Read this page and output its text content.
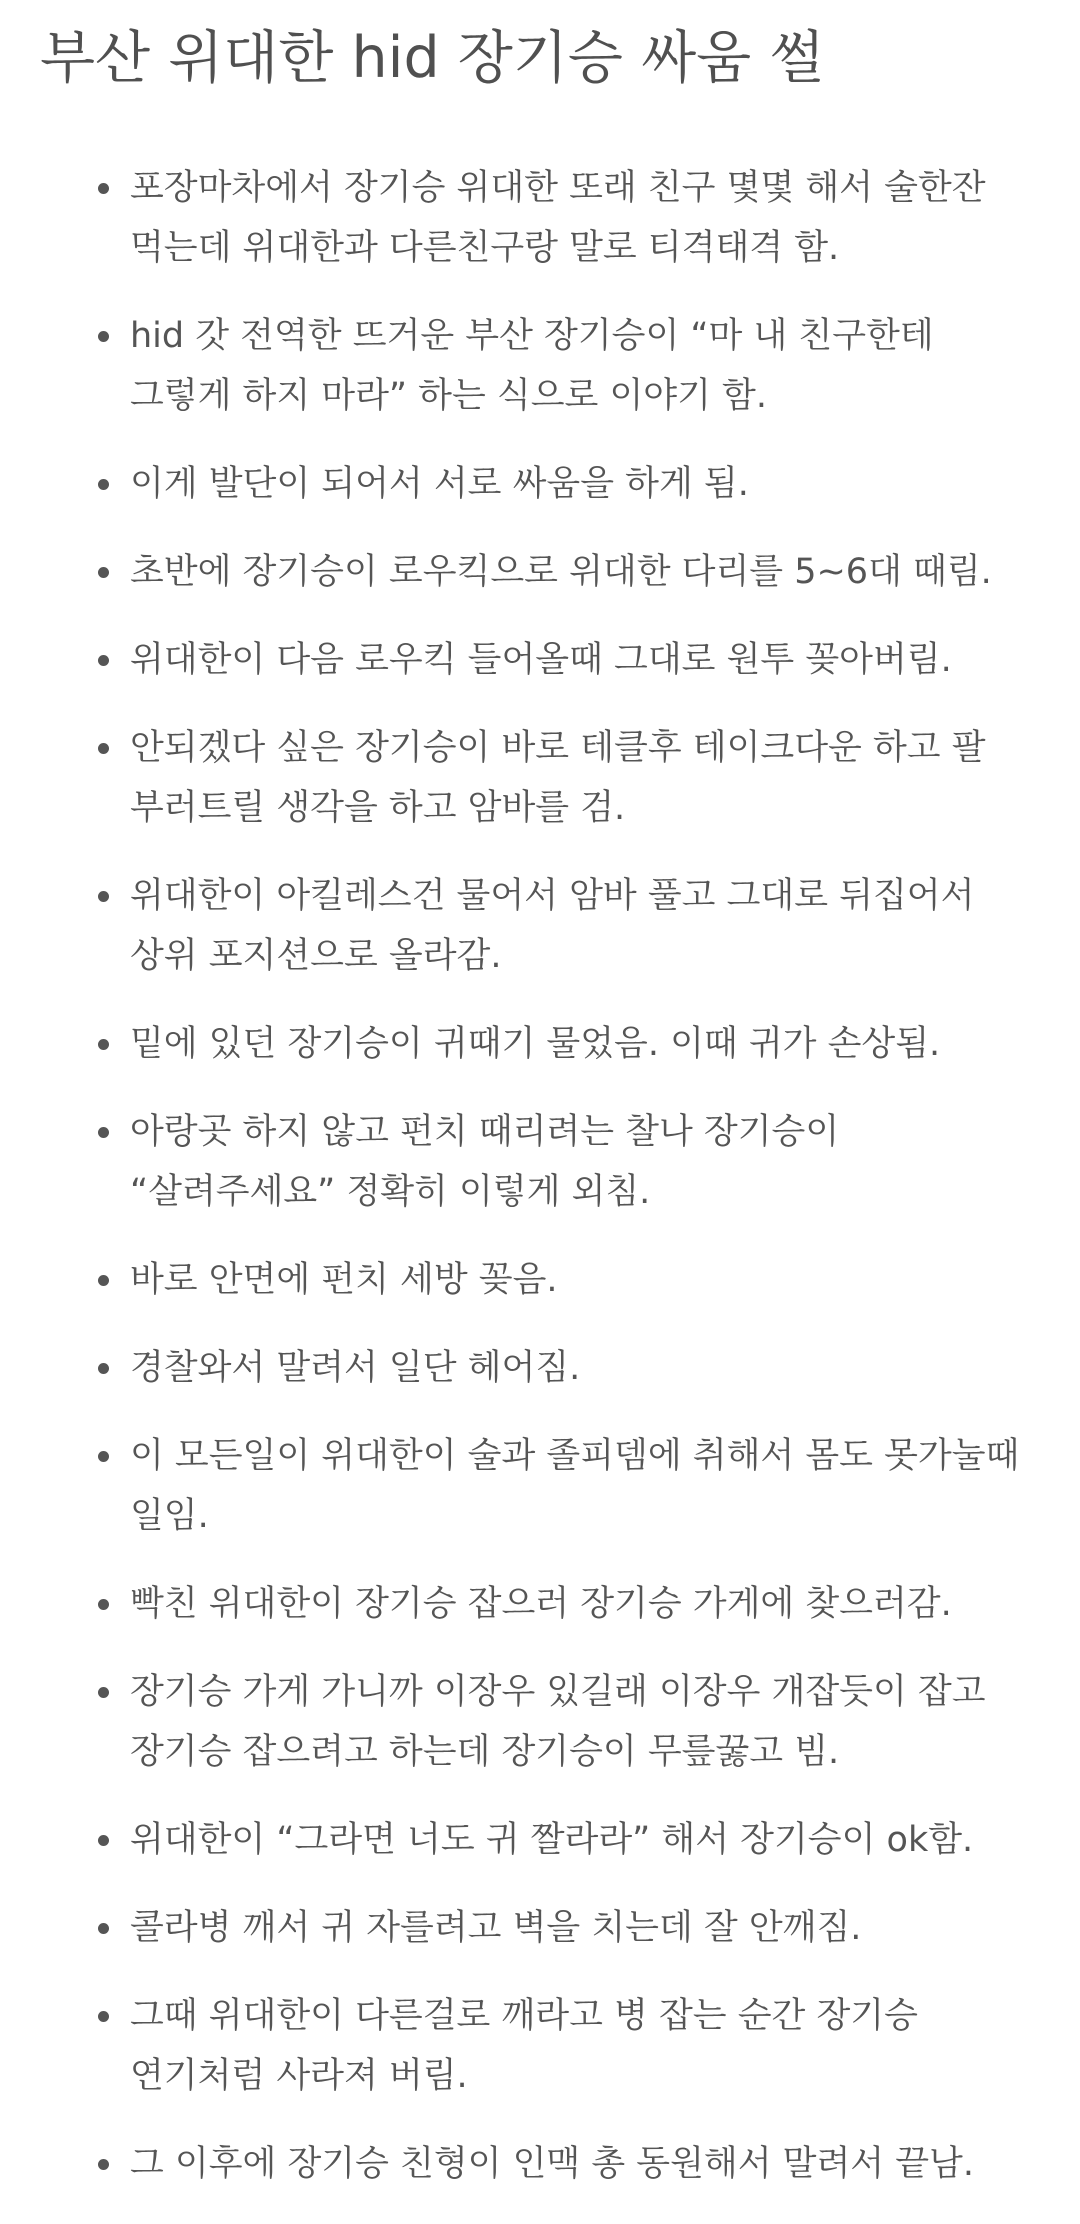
부산 위대한 hid 장기승 싸움 썰
포장마차에서 장기승 위대한 또래 친구 몇몇 해서 술한잔 먹는데 위대한과 다른친구랑 말로 티격태격 함.
hid 갓 전역한 뜨거운 부산 장기승이 “마 내 친구한테 그렇게 하지 마라” 하는 식으로 이야기 함.
이게 발단이 되어서 서로 싸움을 하게 됨.
초반에 장기승이 로우킥으로 위대한 다리를 5~6대 때림.
위대한이 다음 로우킥 들어올때 그대로 원투 꽂아버림.
안되겠다 싶은 장기승이 바로 테클후 테이크다운 하고 팔 부러트릴 생각을 하고 암바를 검.
위대한이 아킬레스건 물어서 암바 풀고 그대로 뒤집어서 상위 포지션으로 올라감.
밑에 있던 장기승이 귀때기 물었음. 이때 귀가 손상됨.
아랑곳 하지 않고 펀치 때리려는 찰나 장기승이 “살려주세요” 정확히 이렇게 외침.
바로 안면에 펀치 세방 꽂음.
경찰와서 말려서 일단 헤어짐.
이 모든일이 위대한이 술과 졸피뎀에 취해서 몸도 못가눌때 일임.
빡친 위대한이 장기승 잡으러 장기승 가게에 찾으러감.
장기승 가게 가니까 이장우 있길래 이장우 개잡듯이 잡고 장기승 잡으려고 하는데 장기승이 무릎꿇고 빔.
위대한이 “그라면 너도 귀 짤라라” 해서 장기승이 ok함.
콜라병 깨서 귀 자를려고 벽을 치는데 잘 안깨짐.
그때 위대한이 다른걸로 깨라고 병 잡는 순간 장기승 연기처럼 사라져 버림.
그 이후에 장기승 친형이 인맥 총 동원해서 말려서 끝남.
